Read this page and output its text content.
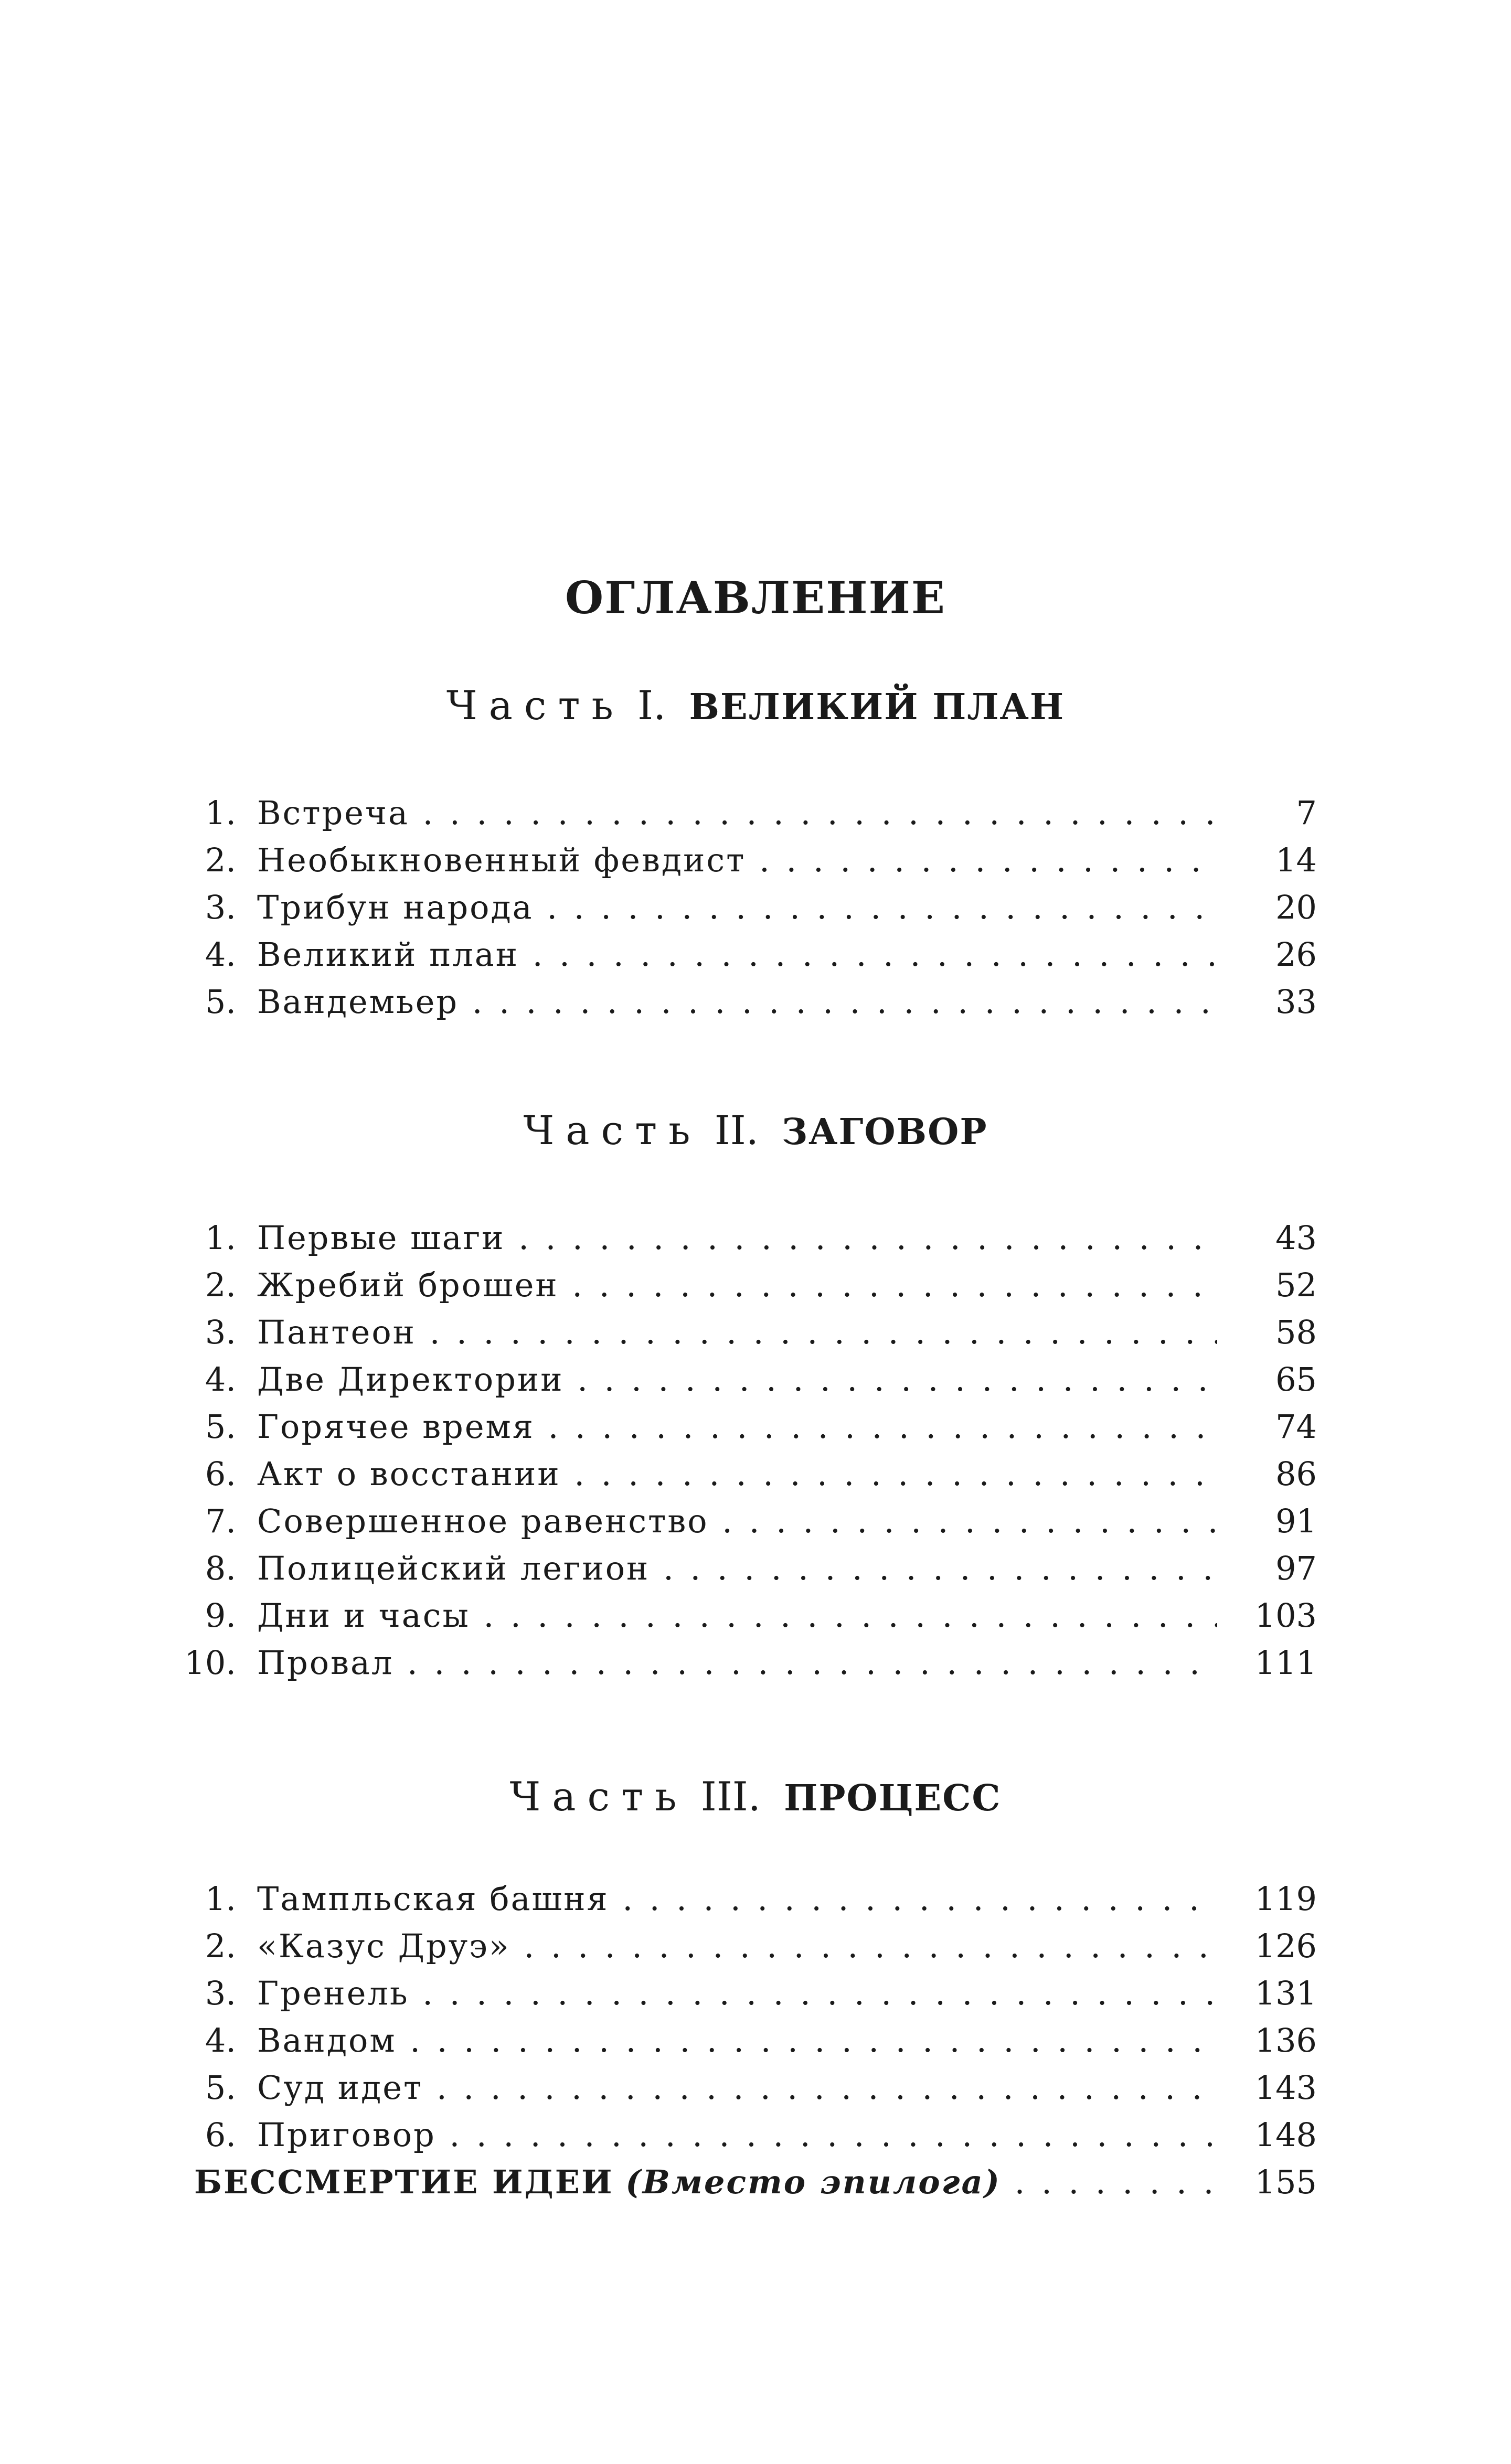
ОГЛАВЛЕНИЕ
Часть I. ВЕЛИКИЙ ПЛАН
1. Встреча . .	7
2. Необыкновенный февдист . .	14
3. Трибун народа . .	20
4. Великий план . .	26
5. Вандемьер . .	33
Часть II. ЗАГОВОР
1. Первые шаги . .	43
2. Жребий брошен . .	52
3. Пантеон . .	58
4. Две Директории . .	65
5. Горячее время . .	74
6. Акт о восстании . .	86
7. Совершенное равенство . .	91
8. Полицейский легион . .	97
9. Дни и часы . .	103
10. Провал . .	111
Часть III. ПРОЦЕСС
1. Тампльская башня . .	119
2. «Казус Друэ» . .	126
3. Гренель . .	131
4. Вандом . .	136
5. Суд идет . .	143
6. Приговор . .	148
БЕССМЕРТИЕ ИДЕИ (Вместо эпилога) . .	155
